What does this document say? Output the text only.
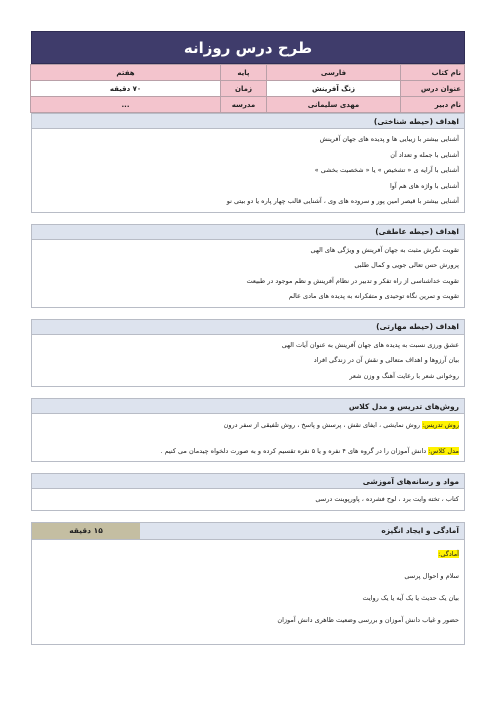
طرح درس روزانه
نام کتاب	فارسی	پایه	هفتم
عنوان درس	زنگ آفرینش	زمان	۷۰ دقیقه
نام دبیر	مهدی سلیمانی	مدرسه	...
اهداف (حیطه شناختی)
آشنایی بیشتر با زیبایی ها و پدیده های جهان آفرینش
آشنایی با جمله و تعداد آن
آشنایی با آرایه ی « تشخیص » یا « شخصیت بخشی »
آشنایی با واژه های هم آوا
آشنایی بیشتر با قیصر امین پور و سروده های وی ، آشنایی قالب چهار پاره یا دو بیتی نو
اهداف (حیطه عاطفی)
تقویت نگرش مثبت به جهان آفرینش و ویژگی های الهی
پرورش حس تعالی جویی و کمال طلبی
تقویت خداشناسی از راه تفکر و تدبیر در نظام آفرینش و نظم موجود در طبیعت
تقویت و تمرین نگاه توحیدی و متفکرانه به پدیده های مادی عالم
اهداف (حیطه مهارتی)
عشق ورزی نسبت به پدیده های جهان آفرینش به عنوان آیات الهی
بیان آرزوها و اهداف متعالی و نقش آن در زندگی افراد
روخوانی شعر با رعایت آهنگ و وزن شعر
روش‌های تدریس و مدل کلاس
روش تدریس: روش نمایشی ، ایفای نقش ، پرسش و پاسخ ، روش تلفیقی از سفر درون
مدل کلاس: دانش آموزان را در گروه های ۴ نفره و یا ۵ نفره تقسیم کرده و به صورت دلخواه چیدمان می کنیم .
مواد و رسانه‌های آموزشی
کتاب ، تخته وایت برد ، لوح فشرده ، پاورپوینت درسی
آمادگی و ایجاد انگیزه
۱۵ دقیقه
آمادگی:
سلام و احوال پرسی
بیان یک حدیث یا یک آیه یا یک روایت
حضور و غیاب دانش آموزان و بررسی وضعیت ظاهری دانش آموزان
